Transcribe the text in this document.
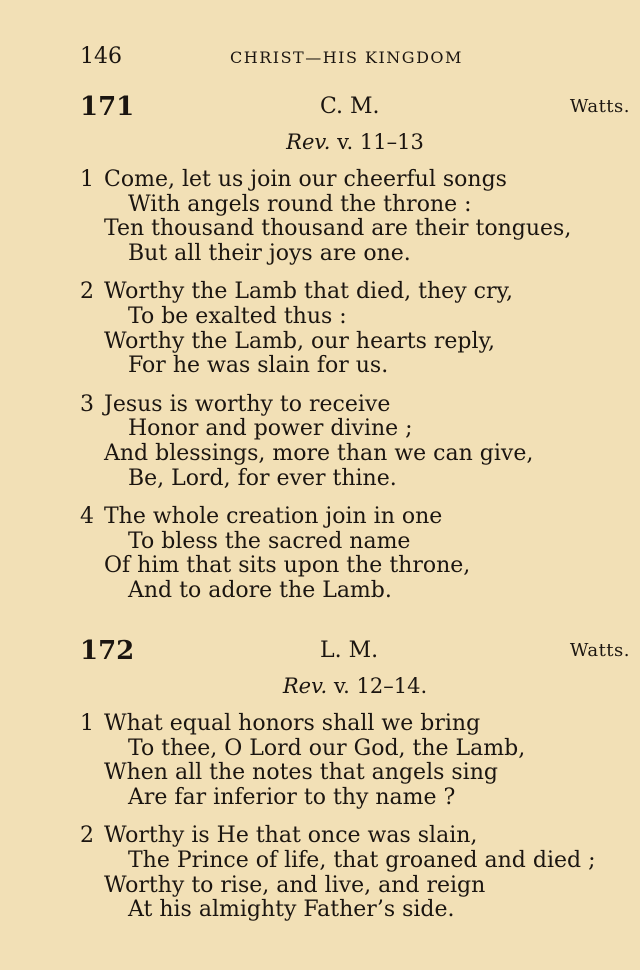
146	CHRIST—HIS KINGDOM
171	C. M.	Watts.
Rev. v. 11–13
1 Come, let us join our cheerful songs
With angels round the throne :
Ten thousand thousand are their tongues,
But all their joys are one.
2 Worthy the Lamb that died, they cry,
To be exalted thus :
Worthy the Lamb, our hearts reply,
For he was slain for us.
3 Jesus is worthy to receive
Honor and power divine ;
And blessings, more than we can give,
Be, Lord, for ever thine.
4 The whole creation join in one
To bless the sacred name
Of him that sits upon the throne,
And to adore the Lamb.
172	L. M.	Watts.
Rev. v. 12–14.
1 What equal honors shall we bring
To thee, O Lord our God, the Lamb,
When all the notes that angels sing
Are far inferior to thy name ?
2 Worthy is He that once was slain,
The Prince of life, that groaned and died ;
Worthy to rise, and live, and reign
At his almighty Father’s side.
